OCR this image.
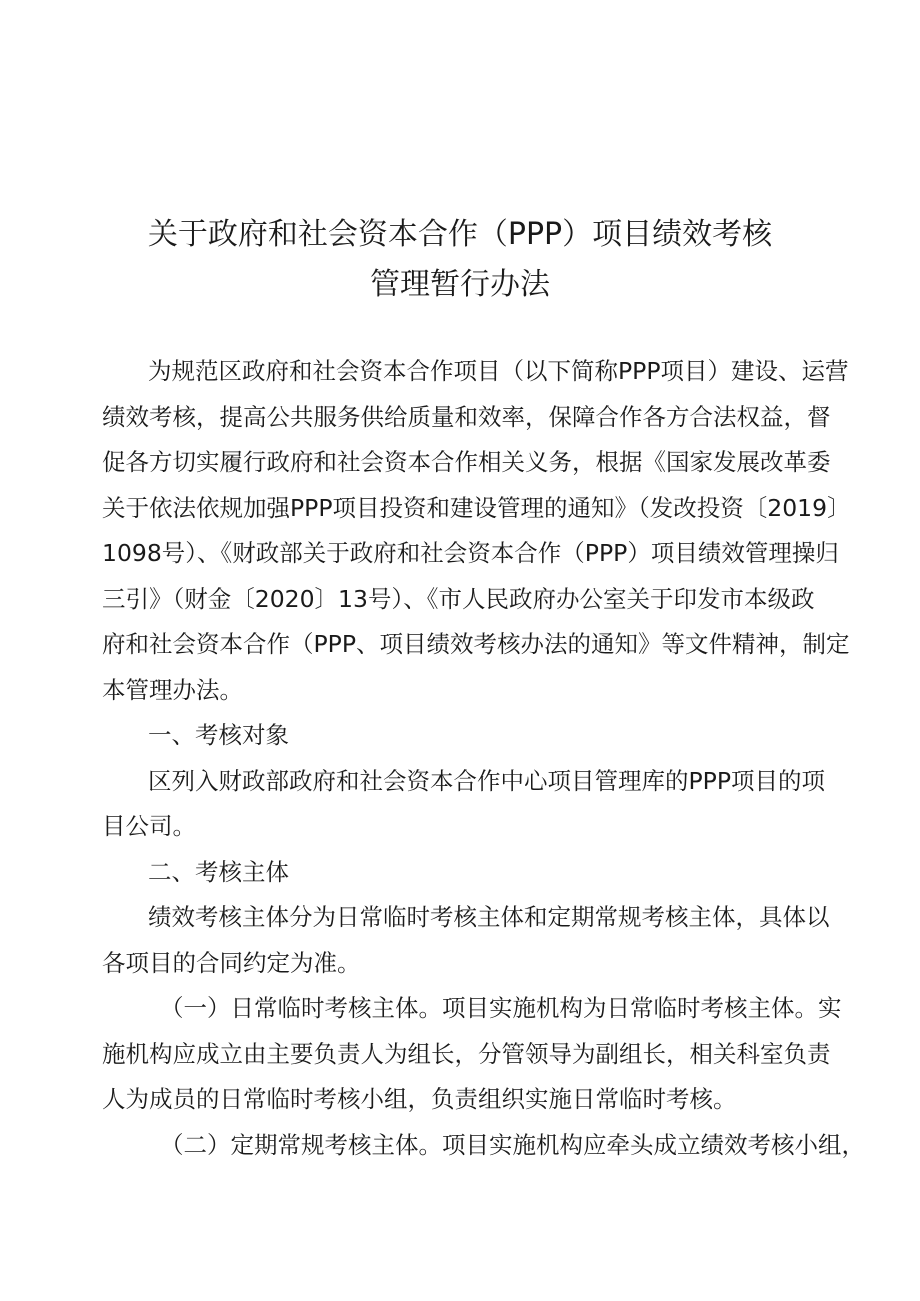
关于政府和社会资本合作（PPP）项目绩效考核
管理暂行办法
为规范区政府和社会资本合作项目（以下简称PPP项目）建设、运营
绩效考核，提高公共服务供给质量和效率，保障合作各方合法权益，督
促各方切实履行政府和社会资本合作相关义务，根据《国家发展改革委
关于依法依规加强PPP项目投资和建设管理的通知》（发改投资〔2019〕
1098号）、《财政部关于政府和社会资本合作（PPP）项目绩效管理操归
三引》（财金〔2020〕13号）、《市人民政府办公室关于印发市本级政
府和社会资本合作（PPP、项目绩效考核办法的通知》等文件精神，制定
本管理办法。
一、考核对象
区列入财政部政府和社会资本合作中心项目管理库的PPP项目的项
目公司。
二、考核主体
绩效考核主体分为日常临时考核主体和定期常规考核主体，具体以
各项目的合同约定为准。
（一）日常临时考核主体。项目实施机构为日常临时考核主体。实
施机构应成立由主要负责人为组长，分管领导为副组长，相关科室负责
人为成员的日常临时考核小组，负责组织实施日常临时考核。
（二）定期常规考核主体。项目实施机构应牵头成立绩效考核小组，
